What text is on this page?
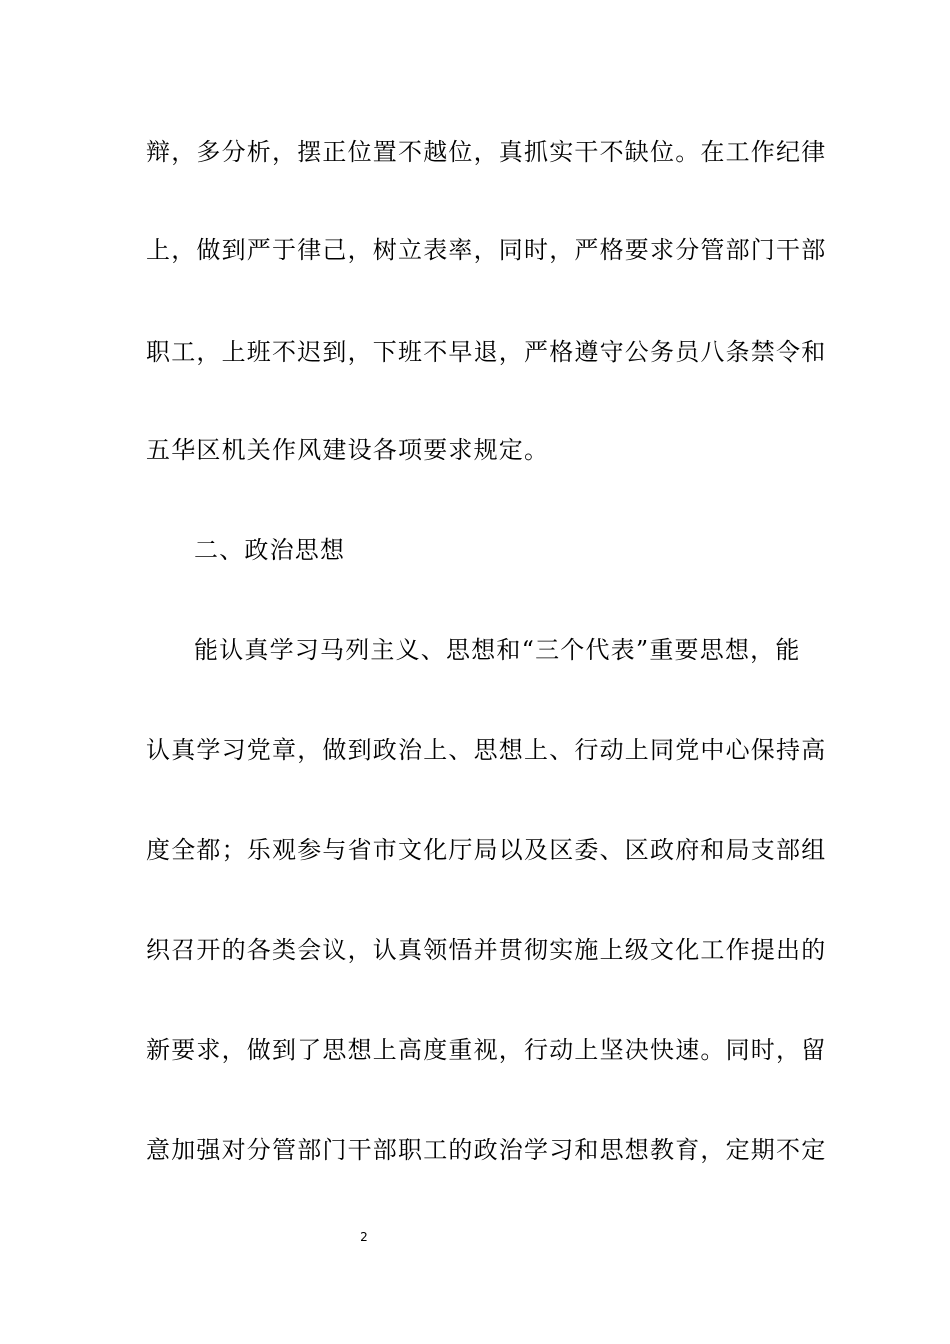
辩，多分析，摆正位置不越位，真抓实干不缺位。在工作纪律
上，做到严于律己，树立表率，同时，严格要求分管部门干部
职工，上班不迟到，下班不早退，严格遵守公务员八条禁令和
五华区机关作风建设各项要求规定。
二、政治思想
能认真学习马列主义、思想和“三个代表”重要思想，能
认真学习党章，做到政治上、思想上、行动上同党中心保持高
度全都；乐观参与省市文化厅局以及区委、区政府和局支部组
织召开的各类会议，认真领悟并贯彻实施上级文化工作提出的
新要求，做到了思想上高度重视，行动上坚决快速。同时，留
意加强对分管部门干部职工的政治学习和思想教育，定期不定
2
